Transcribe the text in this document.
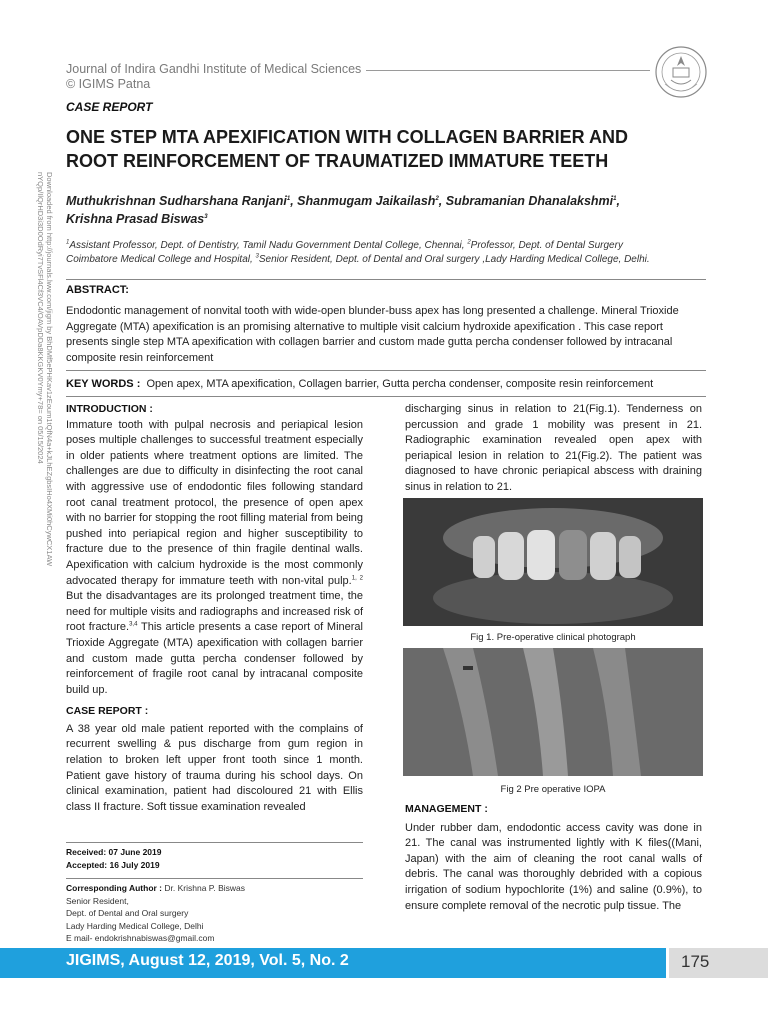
Journal of Indira Gandhi Institute of Medical Sciences
© IGIMS Patna
Downloaded from http://journals.lww.com/jigm by BhDMf5ePHKav1zEoum1tQfN4a+kJLhEZgbsIHo4XMi0hCywCX1AW
nYQp/IlQrHD3i3D0OdRyi7TvSFl4Cf3VC4/OAVpDDa8KKGKV0Ymy+78= on 05/15/2024
CASE REPORT
ONE STEP MTA APEXIFICATION WITH COLLAGEN BARRIER AND
ROOT REINFORCEMENT OF TRAUMATIZED IMMATURE TEETH
Muthukrishnan Sudharshana Ranjani$^1$, Shanmugam Jaikailash$^2$, Subramanian Dhanalakshmi$^1$,
Krishna Prasad Biswas$^3$
$^1$Assistant Professor, Dept. of Dentistry, Tamil Nadu Government Dental College, Chennai, $^2$Professor, Dept. of Dental Surgery
Coimbatore Medical College and Hospital, $^3$Senior Resident, Dept. of Dental and Oral surgery ,Lady Harding Medical College, Delhi.
ABSTRACT:
Endodontic management of nonvital tooth with wide-open blunder-buss apex has long presented a challenge. Mineral Trioxide Aggregate (MTA) apexification is an promising alternative to multiple visit calcium hydroxide apexification . This case report presents single step MTA apexification with collagen barrier and custom made gutta percha condenser followed by intracanal composite resin reinforcement
KEY WORDS : Open apex, MTA apexification, Collagen barrier, Gutta percha condenser, composite resin reinforcement
INTRODUCTION :

Immature tooth with pulpal necrosis and periapical lesion poses multiple challenges to successful treatment especially in older patients where treatment options are limited. The challenges are due to difficulty in disinfecting the root canal with aggressive use of endodontic files following standard root canal treatment protocol, the presence of open apex with no barrier for stopping the root filling material from being pushed into periapical region and higher susceptibility to fracture due to the presence of thin fragile dentinal walls. Apexification with calcium hydroxide is the most commonly advocated therapy for immature teeth with non-vital pulp.$^{1, 2}$ But the disadvantages are its prolonged treatment time, the need for multiple visits and radiographs and increased risk of root fracture.$^{3,4}$ This article presents a case report of Mineral Trioxide Aggregate (MTA) apexification with collagen barrier and custom made gutta percha condenser followed by reinforcement of fragile root canal by intracanal composite build up.

CASE REPORT :

A 38 year old male patient reported with the complains of recurrent swelling & pus discharge from gum region in relation to broken left upper front tooth since 1 month. Patient gave history of trauma during his school days. On clinical examination, patient had discoloured 21 with Ellis class II fracture. Soft tissue examination revealed

Received: 07 June 2019
Accepted: 16 July 2019
Corresponding Author : Dr. Krishna P. Biswas
Senior Resident,
Dept. of Dental and Oral surgery
Lady Harding Medical College, Delhi
E mail- endokrishnabiswas@gmail.com
discharging sinus in relation to 21(Fig.1). Tenderness on percussion and grade 1 mobility was present in 21. Radiographic examination revealed open apex with periapical lesion in relation to 21(Fig.2). The patient was diagnosed to have chronic periapical abscess with draining sinus in relation to 21.
Fig 1. Pre-operative clinical photograph
Fig 2 Pre operative IOPA
MANAGEMENT :

Under rubber dam, endodontic access cavity was done in 21. The canal was instrumented lightly with K files((Mani, Japan) with the aim of cleaning the root canal walls of debris. The canal was thoroughly debrided with a copious irrigation of sodium hypochlorite (1%) and saline (0.9%), to ensure complete removal of the necrotic pulp tissue. The

JIGIMS, August 12, 2019, Vol. 5, No. 2	175
